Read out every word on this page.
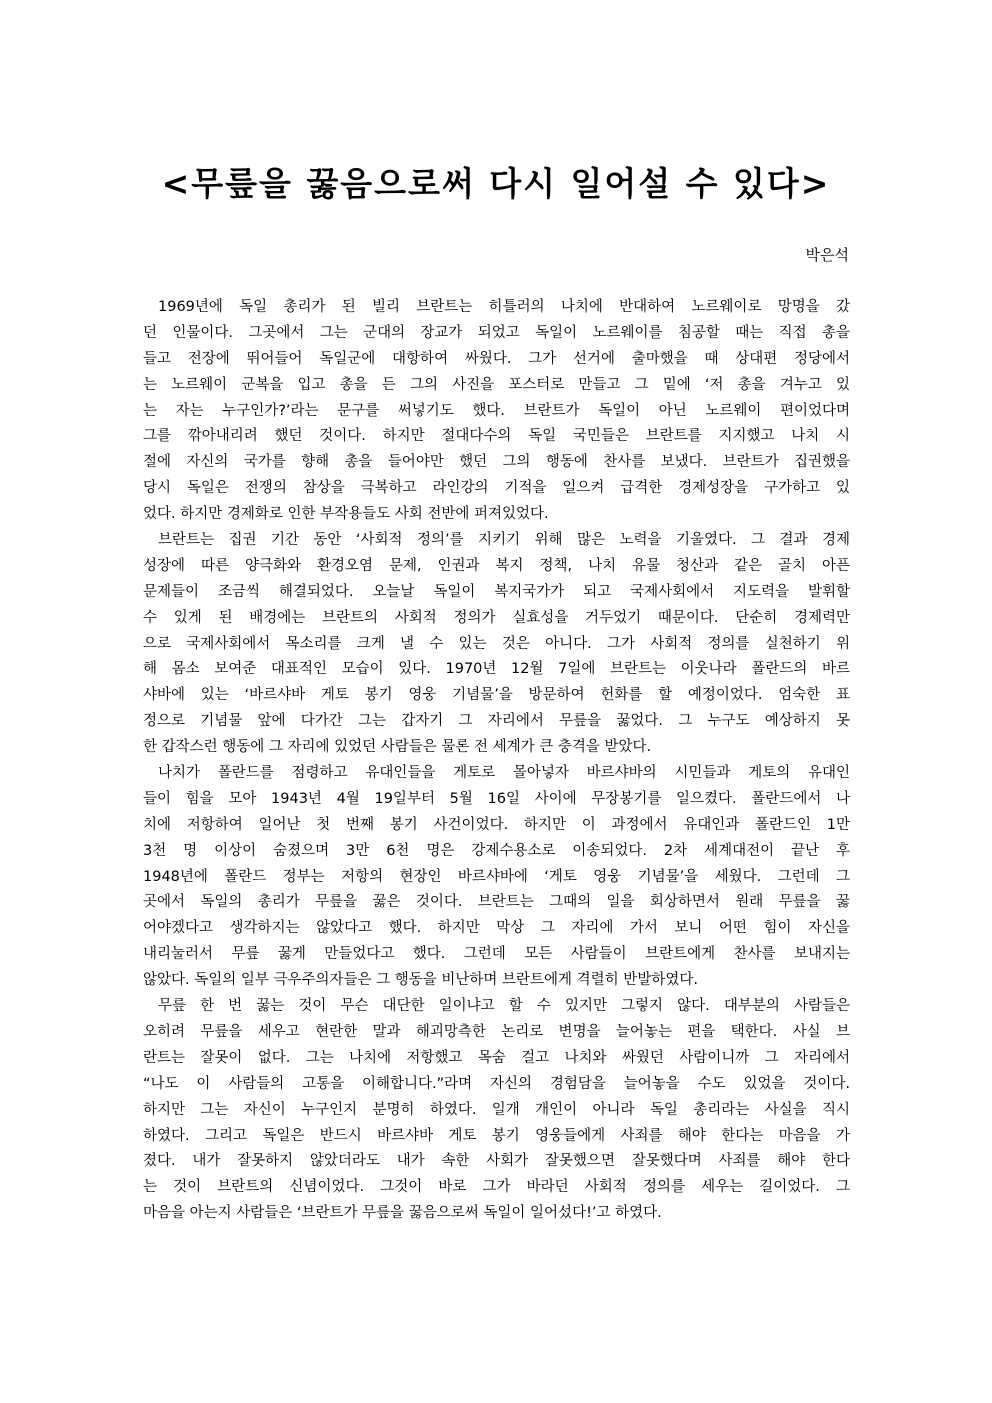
<무릎을 꿇음으로써 다시 일어설 수 있다>
박은석
1969년에 독일 총리가 된 빌리 브란트는 히틀러의 나치에 반대하여 노르웨이로 망명을 갔
던 인물이다. 그곳에서 그는 군대의 장교가 되었고 독일이 노르웨이를 침공할 때는 직접 총을
들고 전장에 뛰어들어 독일군에 대항하여 싸웠다. 그가 선거에 출마했을 때 상대편 정당에서
는 노르웨이 군복을 입고 총을 든 그의 사진을 포스터로 만들고 그 밑에 ‘저 총을 겨누고 있
는 자는 누구인가?’라는 문구를 써넣기도 했다. 브란트가 독일이 아닌 노르웨이 편이었다며
그를 깎아내리려 했던 것이다. 하지만 절대다수의 독일 국민들은 브란트를 지지했고 나치 시
절에 자신의 국가를 향해 총을 들어야만 했던 그의 행동에 찬사를 보냈다. 브란트가 집권했을
당시 독일은 전쟁의 참상을 극복하고 라인강의 기적을 일으켜 급격한 경제성장을 구가하고 있
었다. 하지만 경제화로 인한 부작용들도 사회 전반에 퍼져있었다.
브란트는 집권 기간 동안 ‘사회적 정의’를 지키기 위해 많은 노력을 기울였다. 그 결과 경제
성장에 따른 양극화와 환경오염 문제, 인권과 복지 정책, 나치 유물 청산과 같은 골치 아픈
문제들이 조금씩 해결되었다. 오늘날 독일이 복지국가가 되고 국제사회에서 지도력을 발휘할
수 있게 된 배경에는 브란트의 사회적 정의가 실효성을 거두었기 때문이다. 단순히 경제력만
으로 국제사회에서 목소리를 크게 낼 수 있는 것은 아니다. 그가 사회적 정의를 실천하기 위
해 몸소 보여준 대표적인 모습이 있다. 1970년 12월 7일에 브란트는 이웃나라 폴란드의 바르
샤바에 있는 ‘바르샤바 게토 봉기 영웅 기념물’을 방문하여 헌화를 할 예정이었다. 엄숙한 표
정으로 기념물 앞에 다가간 그는 갑자기 그 자리에서 무릎을 꿇었다. 그 누구도 예상하지 못
한 갑작스런 행동에 그 자리에 있었던 사람들은 물론 전 세계가 큰 충격을 받았다.
나치가 폴란드를 점령하고 유대인들을 게토로 몰아넣자 바르샤바의 시민들과 게토의 유대인
들이 힘을 모아 1943년 4월 19일부터 5월 16일 사이에 무장봉기를 일으켰다. 폴란드에서 나
치에 저항하여 일어난 첫 번째 봉기 사건이었다. 하지만 이 과정에서 유대인과 폴란드인 1만
3천 명 이상이 숨졌으며 3만 6천 명은 강제수용소로 이송되었다. 2차 세계대전이 끝난 후
1948년에 폴란드 정부는 저항의 현장인 바르샤바에 ‘게토 영웅 기념물’을 세웠다. 그런데 그
곳에서 독일의 총리가 무릎을 꿇은 것이다. 브란트는 그때의 일을 회상하면서 원래 무릎을 꿇
어야겠다고 생각하지는 않았다고 했다. 하지만 막상 그 자리에 가서 보니 어떤 힘이 자신을
내리눌러서 무릎 꿇게 만들었다고 했다. 그런데 모든 사람들이 브란트에게 찬사를 보내지는
않았다. 독일의 일부 극우주의자들은 그 행동을 비난하며 브란트에게 격렬히 반발하였다.
무릎 한 번 꿇는 것이 무슨 대단한 일이냐고 할 수 있지만 그렇지 않다. 대부분의 사람들은
오히려 무릎을 세우고 현란한 말과 해괴망측한 논리로 변명을 늘어놓는 편을 택한다. 사실 브
란트는 잘못이 없다. 그는 나치에 저항했고 목숨 걸고 나치와 싸웠던 사람이니까 그 자리에서
“나도 이 사람들의 고통을 이해합니다.”라며 자신의 경험담을 늘어놓을 수도 있었을 것이다.
하지만 그는 자신이 누구인지 분명히 하였다. 일개 개인이 아니라 독일 총리라는 사실을 직시
하였다. 그리고 독일은 반드시 바르샤바 게토 봉기 영웅들에게 사죄를 해야 한다는 마음을 가
졌다. 내가 잘못하지 않았더라도 내가 속한 사회가 잘못했으면 잘못했다며 사죄를 해야 한다
는 것이 브란트의 신념이었다. 그것이 바로 그가 바라던 사회적 정의를 세우는 길이었다. 그
마음을 아는지 사람들은 ‘브란트가 무릎을 꿇음으로써 독일이 일어섰다!’고 하였다.
